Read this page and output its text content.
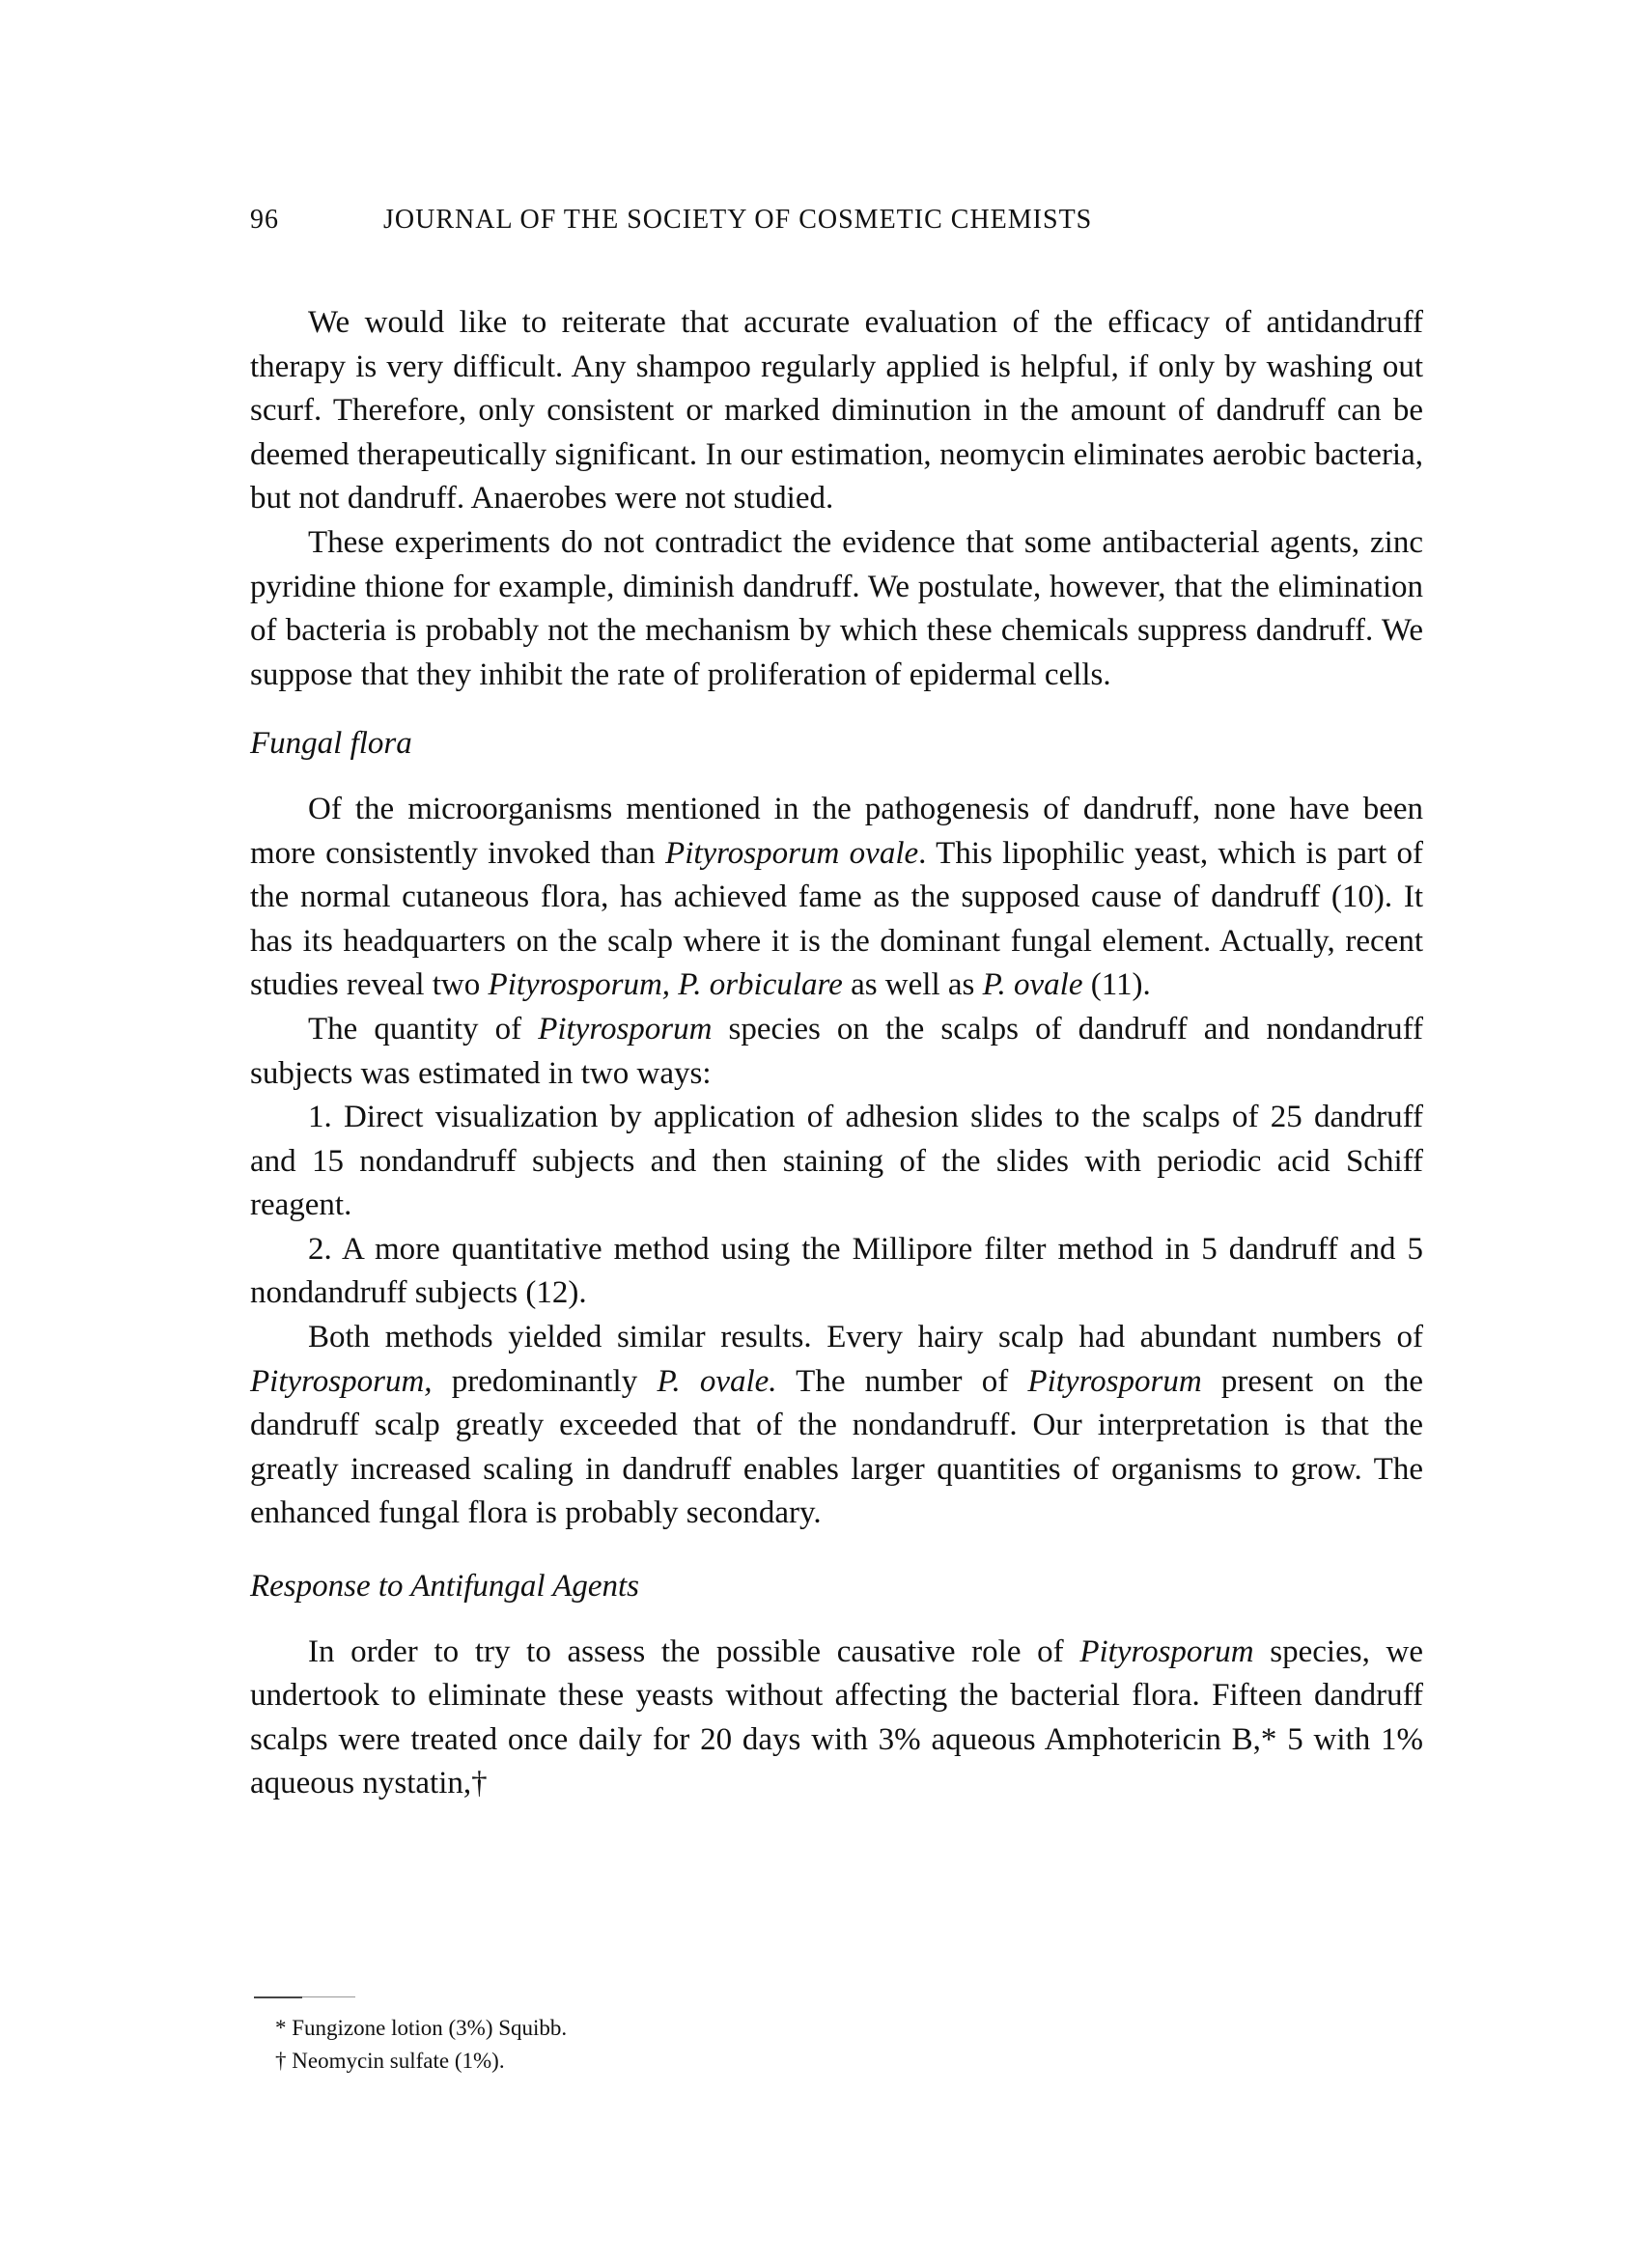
96	JOURNAL OF THE SOCIETY OF COSMETIC CHEMISTS

We would like to reiterate that accurate evaluation of the efficacy of antidandruff therapy is very difficult. Any shampoo regularly applied is helpful, if only by washing out scurf. Therefore, only consistent or marked diminution in the amount of dandruff can be deemed therapeutically significant. In our estimation, neomycin eliminates aerobic bacteria, but not dandruff. Anaerobes were not studied.

These experiments do not contradict the evidence that some antibacterial agents, zinc pyridine thione for example, diminish dandruff. We postulate, however, that the elimination of bacteria is probably not the mechanism by which these chemicals suppress dandruff. We suppose that they inhibit the rate of proliferation of epidermal cells.

Fungal flora

Of the microorganisms mentioned in the pathogenesis of dandruff, none have been more consistently invoked than Pityrosporum ovale. This lipophilic yeast, which is part of the normal cutaneous flora, has achieved fame as the supposed cause of dandruff (10). It has its headquarters on the scalp where it is the dominant fungal element. Actually, recent studies reveal two Pityrosporum, P. orbiculare as well as P. ovale (11).

The quantity of Pityrosporum species on the scalps of dandruff and nondandruff subjects was estimated in two ways:

1. Direct visualization by application of adhesion slides to the scalps of 25 dandruff and 15 nondandruff subjects and then staining of the slides with periodic acid Schiff reagent.

2. A more quantitative method using the Millipore filter method in 5 dandruff and 5 nondandruff subjects (12).

Both methods yielded similar results. Every hairy scalp had abundant numbers of Pityrosporum, predominantly P. ovale. The number of Pityrosporum present on the dandruff scalp greatly exceeded that of the nondandruff. Our interpretation is that the greatly increased scaling in dandruff enables larger quantities of organisms to grow. The enhanced fungal flora is probably secondary.

Response to Antifungal Agents

In order to try to assess the possible causative role of Pityrosporum species, we undertook to eliminate these yeasts without affecting the bacterial flora. Fifteen dandruff scalps were treated once daily for 20 days with 3% aqueous Amphotericin B,* 5 with 1% aqueous nystatin,†

* Fungizone lotion (3%) Squibb.

† Neomycin sulfate (1%).
